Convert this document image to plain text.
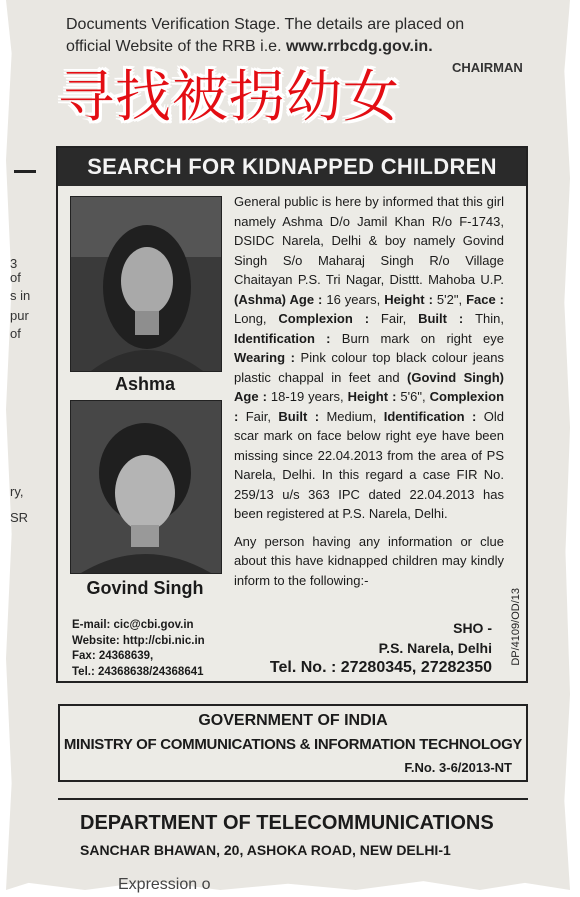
Documents Verification Stage. The details are placed on
official Website of the RRB i.e. www.rrbcdg.gov.in.
CHAIRMAN
3
of
s in
pur
of
ry,
SR
SEARCH FOR KIDNAPPED CHILDREN
Ashma
Govind Singh

General public is here by informed that this girl namely Ashma D/o Jamil Khan R/o F-1743, DSIDC Narela, Delhi & boy namely Govind Singh S/o Maharaj Singh R/o Village Chaitayan P.S. Tri Nagar, Disttt. Mahoba U.P. (Ashma) Age : 16 years, Height : 5'2", Face : Long, Complexion : Fair, Built : Thin, Identification : Burn mark on right eye Wearing : Pink colour top black colour jeans plastic chappal in feet and (Govind Singh) Age : 18-19 years, Height : 5'6", Complexion : Fair, Built : Medium, Identification : Old scar mark on face below right eye have been missing since 22.04.2013 from the area of PS Narela, Delhi. In this regard a case FIR No. 259/13 u/s 363 IPC dated 22.04.2013 has been registered at P.S. Narela, Delhi.

Any person having any information or clue about this have kidnapped children may kindly inform to the following:-

E-mail: cic@cbi.gov.in
Website: http://cbi.nic.in
Fax: 24368639,
Tel.: 24368638/24368641
SHO -
P.S. Narela, Delhi
Tel. No. : 27280345, 27282350
DP/4109/OD/13
GOVERNMENT OF INDIA
MINISTRY OF COMMUNICATIONS & INFORMATION TECHNOLOGY
F.No. 3-6/2013-NT
DEPARTMENT OF TELECOMMUNICATIONS
SANCHAR BHAWAN, 20, ASHOKA ROAD, NEW DELHI-1
Expression o
寻找被拐幼女
